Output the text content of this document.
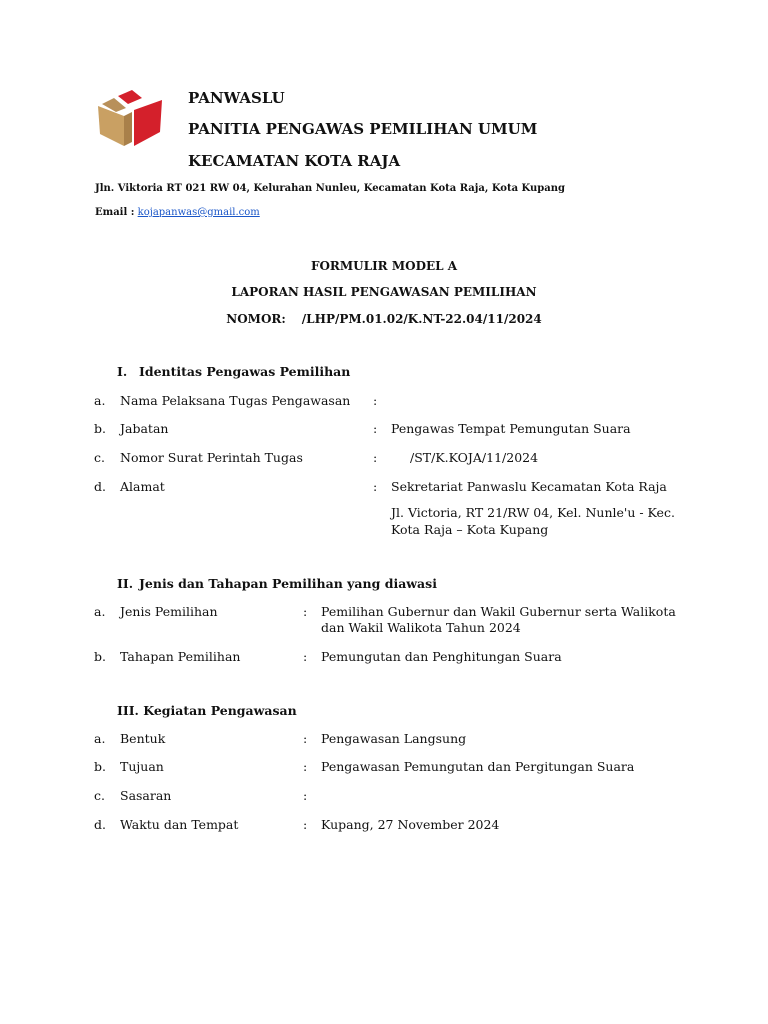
PANWASLU
PANITIA PENGAWAS PEMILIHAN UMUM
KECAMATAN KOTA RAJA
Jln. Viktoria RT 021 RW 04, Kelurahan Nunleu, Kecamatan Kota Raja, Kota Kupang
Email : kojapanwas@gmail.com
FORMULIR MODEL A
LAPORAN HASIL PENGAWASAN PEMILIHAN
NOMOR: /LHP/PM.01.02/K.NT-22.04/11/2024
I. Identitas Pengawas Pemilihan
a. Nama Pelaksana Tugas Pengawasan :
b. Jabatan	: Pengawas Tempat Pemungutan Suara
c. Nomor Surat Perintah Tugas	:	/ST/K.KOJA/11/2024
d. Alamat	: Sekretariat Panwaslu Kecamatan Kota Raja
Jl. Victoria, RT 21/RW 04, Kel. Nunle'u - Kec.
Kota Raja – Kota Kupang
II. Jenis dan Tahapan Pemilihan yang diawasi
a. Jenis Pemilihan	: Pemilihan Gubernur dan Wakil Gubernur serta Walikota
dan Wakil Walikota Tahun 2024
b. Tahapan Pemilihan	: Pemungutan dan Penghitungan Suara
III. Kegiatan Pengawasan
a. Bentuk	: Pengawasan Langsung
b. Tujuan	: Pengawasan Pemungutan dan Pergitungan Suara
c. Sasaran	:
d. Waktu dan Tempat	: Kupang, 27 November 2024
